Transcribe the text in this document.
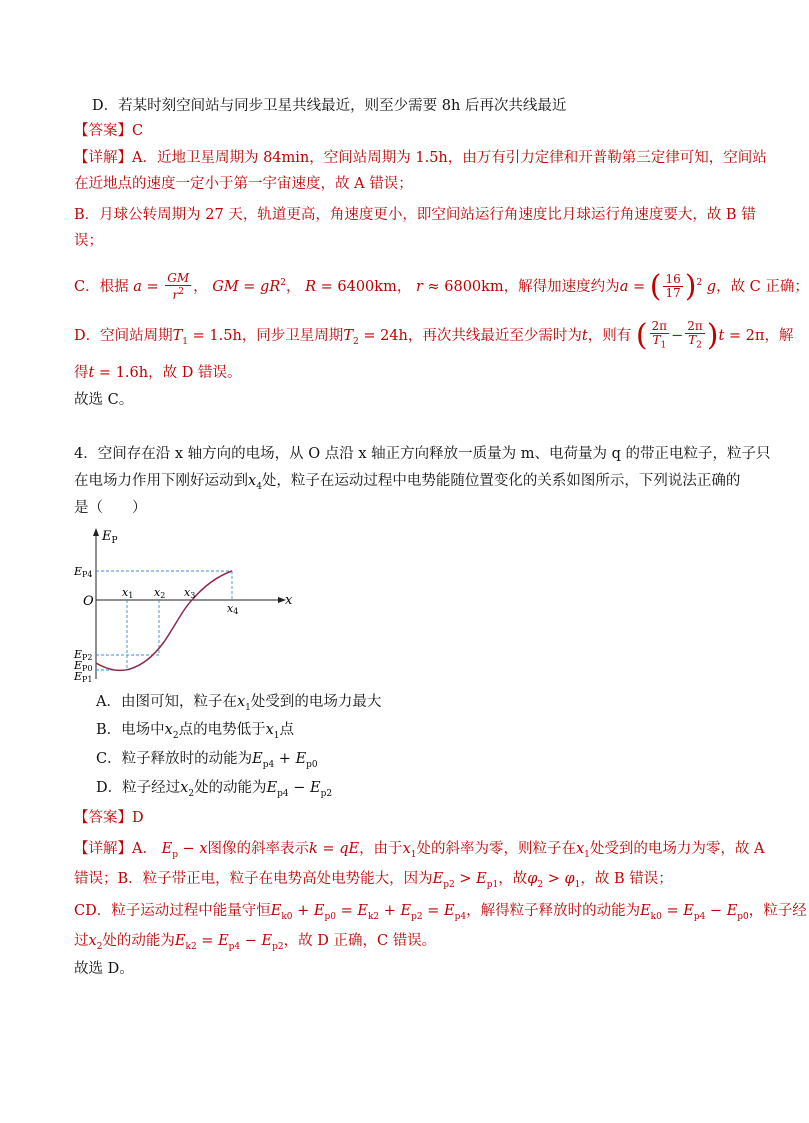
D．若某时刻空间站与同步卫星共线最近，则至少需要 8h 后再次共线最近
【答案】C
【详解】A．近地卫星周期为 84min，空间站周期为 1.5h，由万有引力定律和开普勒第三定律可知，空间站
在近地点的速度一定小于第一宇宙速度，故 A 错误；
B．月球公转周期为 27 天，轨道更高，角速度更小，即空间站运行角速度比月球运行角速度要大，故 B 错
误；
C．根据 $a = \frac{GM}{r^2}$ ， GM = $gR^2$， R = 6400km， r ≈ 6800km，解得加速度约为a = ( $\frac{16}{17} )^2$ g，故 C 正确；
D．空间站周期$T_1 = 1.5h$，同步卫星周期$T_2 = 24h$，再次共线最近至少需时为t，则有 ( $\frac{2\pi}{T_1} - \frac{2\pi}{T_2} )t = 2\pi$，解
得t = 1.6h，故 D 错误。
故选 C。
4．空间存在沿 x 轴方向的电场，从 O 点沿 x 轴正方向释放一质量为 m、电荷量为 q 的带正电粒子，粒子只
在电场力作用下刚好运动到$x_4$处，粒子在运动过程中电势能随位置变化的关系如图所示，下列说法正确的
是（　　）
$E_P$
x
O
x1 x2 x3
x4
EP4
EP2
EP0
EP1
A．由图可知，粒子在$x_1$处受到的电场力最大
B．电场中$x_2$点的电势低于$x_1$点
C．粒子释放时的动能为$E_{p4} + E_{p0}$
D．粒子经过$x_2$处的动能为$E_{p4} - E_{p2}$
【答案】D
【详解】A． $E_p - x$图像的斜率表示k = qE，由于$x_1$处的斜率为零，则粒子在$x_1$处受到的电场力为零，故 A
错误；B．粒子带正电，粒子在电势高处电势能大，因为$E_{p2} > E_{p1}$，故$\varphi_2 > \varphi_1$，故 B 错误；
CD．粒子运动过程中能量守恒$E_{k0} + E_{p0} = E_{k2} + E_{p2} = E_{p4}$，解得粒子释放时的动能为$E_{k0} = E_{p4} - E_{p0}$，粒子经
过$x_2$处的动能为$E_{k2} = E_{p4} - E_{p2}$，故 D 正确，C 错误。
故选 D。
